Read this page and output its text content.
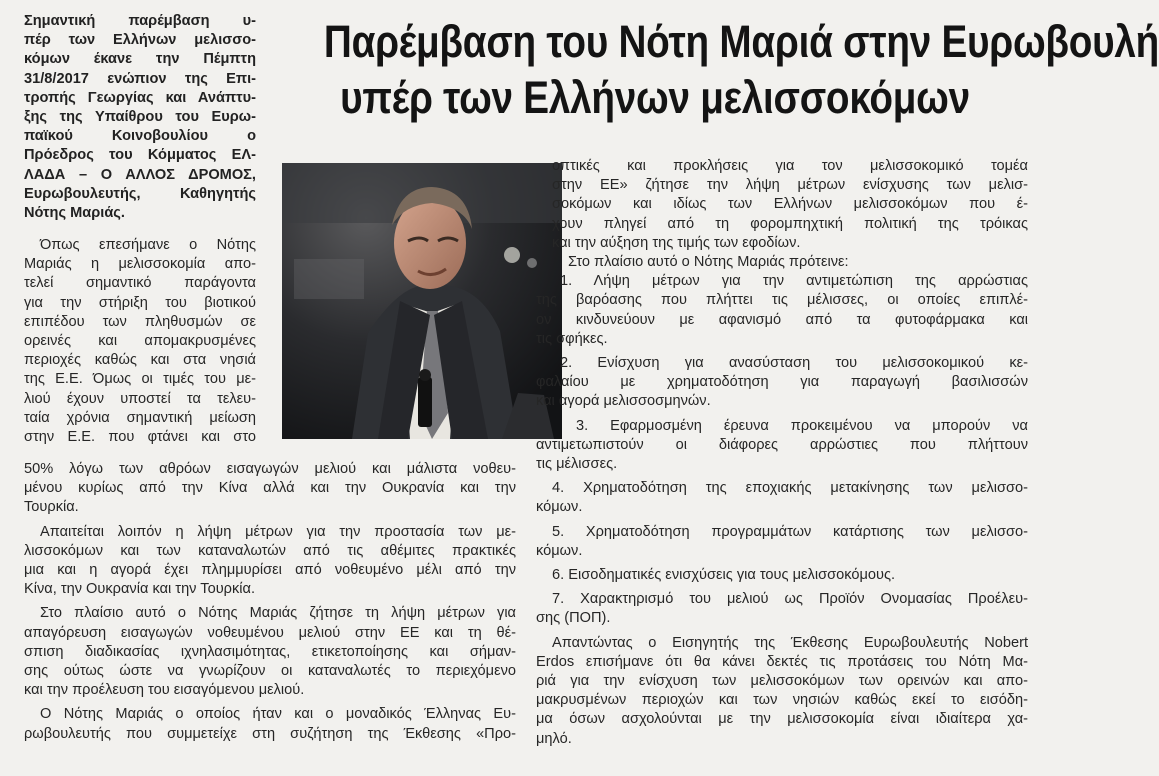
Παρέμβαση του Νότη Μαριά στην Ευρωβουλή
υπέρ των Ελλήνων μελισσοκόμων
Σημαντική παρέμβαση υ-
πέρ των Ελλήνων μελισσο-
κόμων έκανε την Πέμπτη
31/8/2017 ενώπιον της Επι-
τροπής Γεωργίας και Ανάπτυ-
ξης της Υπαίθρου του Ευρω-
παϊκού Κοινοβουλίου ο
Πρόεδρος του Κόμματος ΕΛ-
ΛΑΔΑ – Ο ΑΛΛΟΣ ΔΡΟΜΟΣ,
Ευρωβουλευτής, Καθηγητής
Νότης Μαριάς.
Όπως επεσήμανε ο Νότης
Μαριάς η μελισσοκομία απο-
τελεί σημαντικό παράγοντα
για την στήριξη του βιοτικού
επιπέδου των πληθυσμών σε
ορεινές και απομακρυσμένες
περιοχές καθώς και στα νησιά
της Ε.Ε. Όμως οι τιμές του με-
λιού έχουν υποστεί τα τελευ-
ταία χρόνια σημαντική μείωση
στην Ε.Ε. που φτάνει και στο
50% λόγω των αθρόων εισαγωγών μελιού και μάλιστα νοθευ-
μένου κυρίως από την Κίνα αλλά και την Ουκρανία και την
Τουρκία.
Απαιτείται λοιπόν η λήψη μέτρων για την προστασία των με-
λισσοκόμων και των καταναλωτών από τις αθέμιτες πρακτικές
μια και η αγορά έχει πλημμυρίσει από νοθευμένο μέλι από την
Κίνα, την Ουκρανία και την Τουρκία.
Στο πλαίσιο αυτό ο Νότης Μαριάς ζήτησε τη λήψη μέτρων για
απαγόρευση εισαγωγών νοθευμένου μελιού στην ΕΕ και τη θέ-
σπιση διαδικασίας ιχνηλασιμότητας, ετικετοποίησης και σήμαν-
σης ούτως ώστε να γνωρίζουν οι καταναλωτές το περιεχόμενο
και την προέλευση του εισαγόμενου μελιού.
Ο Νότης Μαριάς ο οποίος ήταν και ο μοναδικός Έλληνας Ευ-
ρωβουλευτής που συμμετείχε στη συζήτηση της Έκθεσης «Προ-
οπτικές και προκλήσεις για τον μελισσοκομικό τομέα
στην ΕΕ» ζήτησε την λήψη μέτρων ενίσχυσης των μελισ-
σοκόμων και ιδίως των Ελλήνων μελισσοκόμων που έ-
χουν πληγεί από τη φορομπηχτική πολιτική της τρόικας
και την αύξηση της τιμής των εφοδίων.
Στο πλαίσιο αυτό ο Νότης Μαριάς πρότεινε:
1. Λήψη μέτρων για την αντιμετώπιση της αρρώστιας
της βαρόασης που πλήττει τις μέλισσες, οι οποίες επιπλέ-
ον κινδυνεύουν με αφανισμό από τα φυτοφάρμακα και
τις σφήκες.
2. Ενίσχυση για ανασύσταση του μελισσοκομικού κε-
φαλαίου με χρηματοδότηση για παραγωγή βασιλισσών
και αγορά μελισσοσμηνών.
3. Εφαρμοσμένη έρευνα προκειμένου να μπορούν να
αντιμετωπιστούν οι διάφορες αρρώστιες που πλήττουν
τις μέλισσες.
4. Χρηματοδότηση της εποχιακής μετακίνησης των μελισσο-
κόμων.
5. Χρηματοδότηση προγραμμάτων κατάρτισης των μελισσο-
κόμων.
6. Εισοδηματικές ενισχύσεις για τους μελισσοκόμους.
7. Χαρακτηρισμό του μελιού ως Προϊόν Ονομασίας Προέλευ-
σης (ΠΟΠ).
Απαντώντας ο Εισηγητής της Έκθεσης Ευρωβουλευτής Nobert
Erdos επισήμανε ότι θα κάνει δεκτές τις προτάσεις του Νότη Μα-
ριά για την ενίσχυση των μελισσοκόμων των ορεινών και απο-
μακρυσμένων περιοχών και των νησιών καθώς εκεί το εισόδη-
μα όσων ασχολούνται με την μελισσοκομία είναι ιδιαίτερα χα-
μηλό.
